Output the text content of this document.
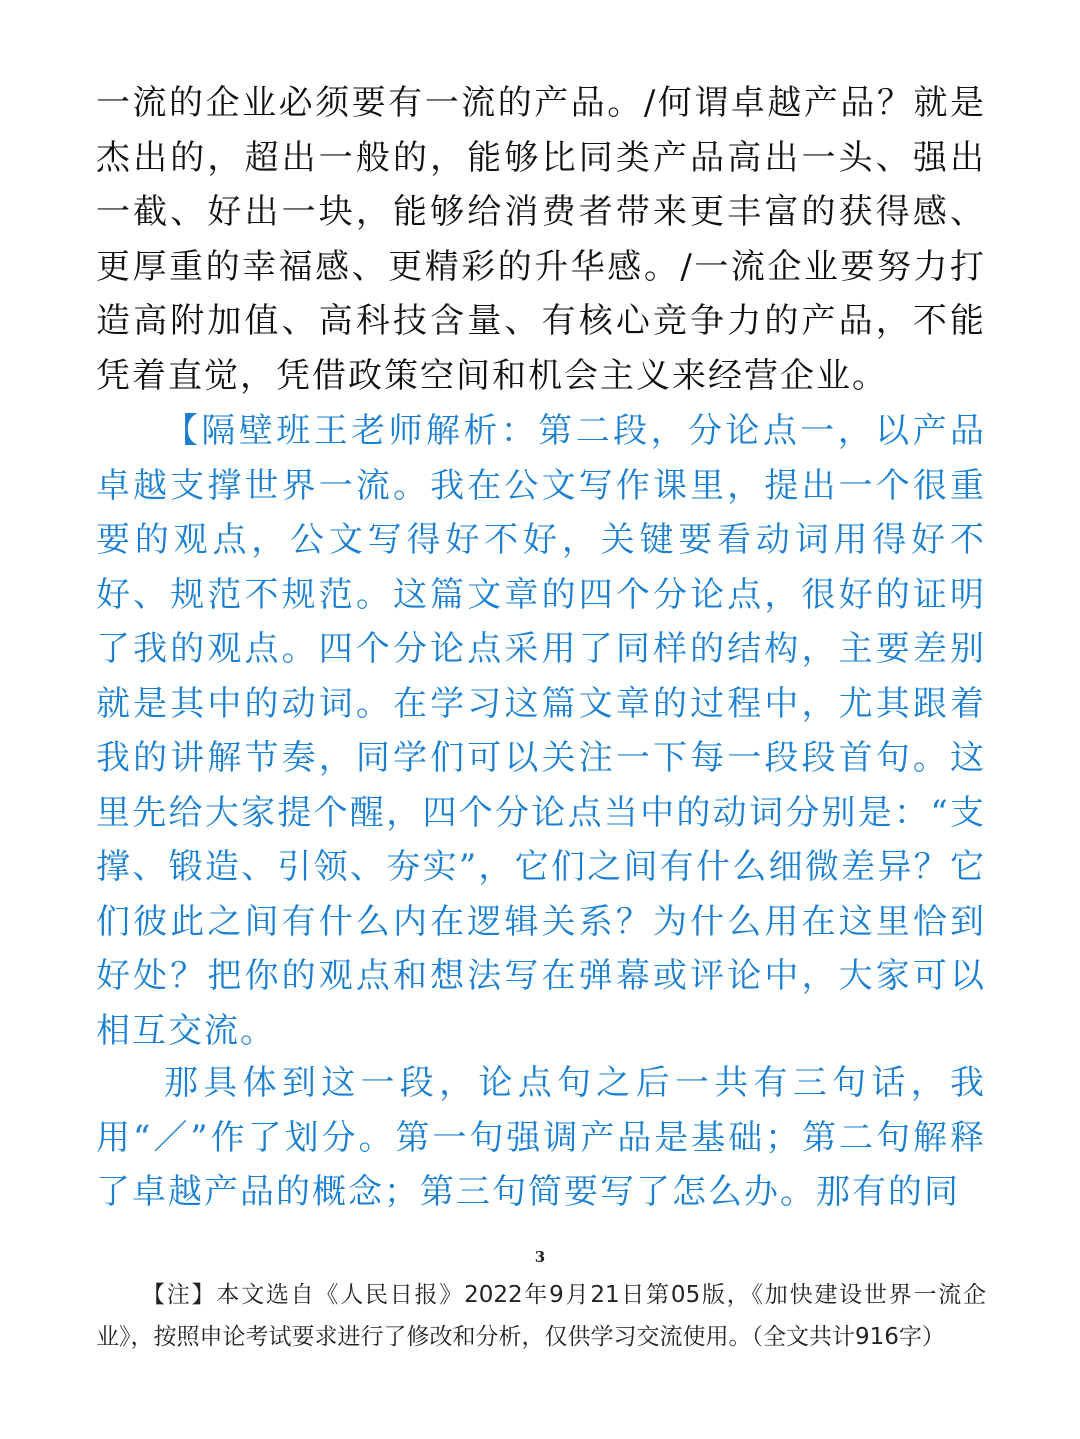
一流的企业必须要有一流的产品。/何谓卓越产品？就是杰出的，超出一般的，能够比同类产品高出一头、强出一截、好出一块，能够给消费者带来更丰富的获得感、更厚重的幸福感、更精彩的升华感。/一流企业要努力打造高附加值、高科技含量、有核心竞争力的产品，不能凭着直觉，凭借政策空间和机会主义来经营企业。

【隔壁班王老师解析：第二段，分论点一，以产品卓越支撑世界一流。我在公文写作课里，提出一个很重要的观点，公文写得好不好，关键要看动词用得好不好、规范不规范。这篇文章的四个分论点，很好的证明了我的观点。四个分论点采用了同样的结构，主要差别就是其中的动词。在学习这篇文章的过程中，尤其跟着我的讲解节奏，同学们可以关注一下每一段段首句。这里先给大家提个醒，四个分论点当中的动词分别是：“支撑、锻造、引领、夯实”，它们之间有什么细微差异？它们彼此之间有什么内在逻辑关系？为什么用在这里恰到好处？把你的观点和想法写在弹幕或评论中，大家可以相互交流。

那具体到这一段，论点句之后一共有三句话，我用“／”作了划分。第一句强调产品是基础；第二句解释了卓越产品的概念；第三句简要写了怎么办。那有的同

3

【注】本文选自《人民日报》2022年9月21日第05版，《加快建设世界一流企业》，按照申论考试要求进行了修改和分析，仅供学习交流使用。（全文共计916字）
